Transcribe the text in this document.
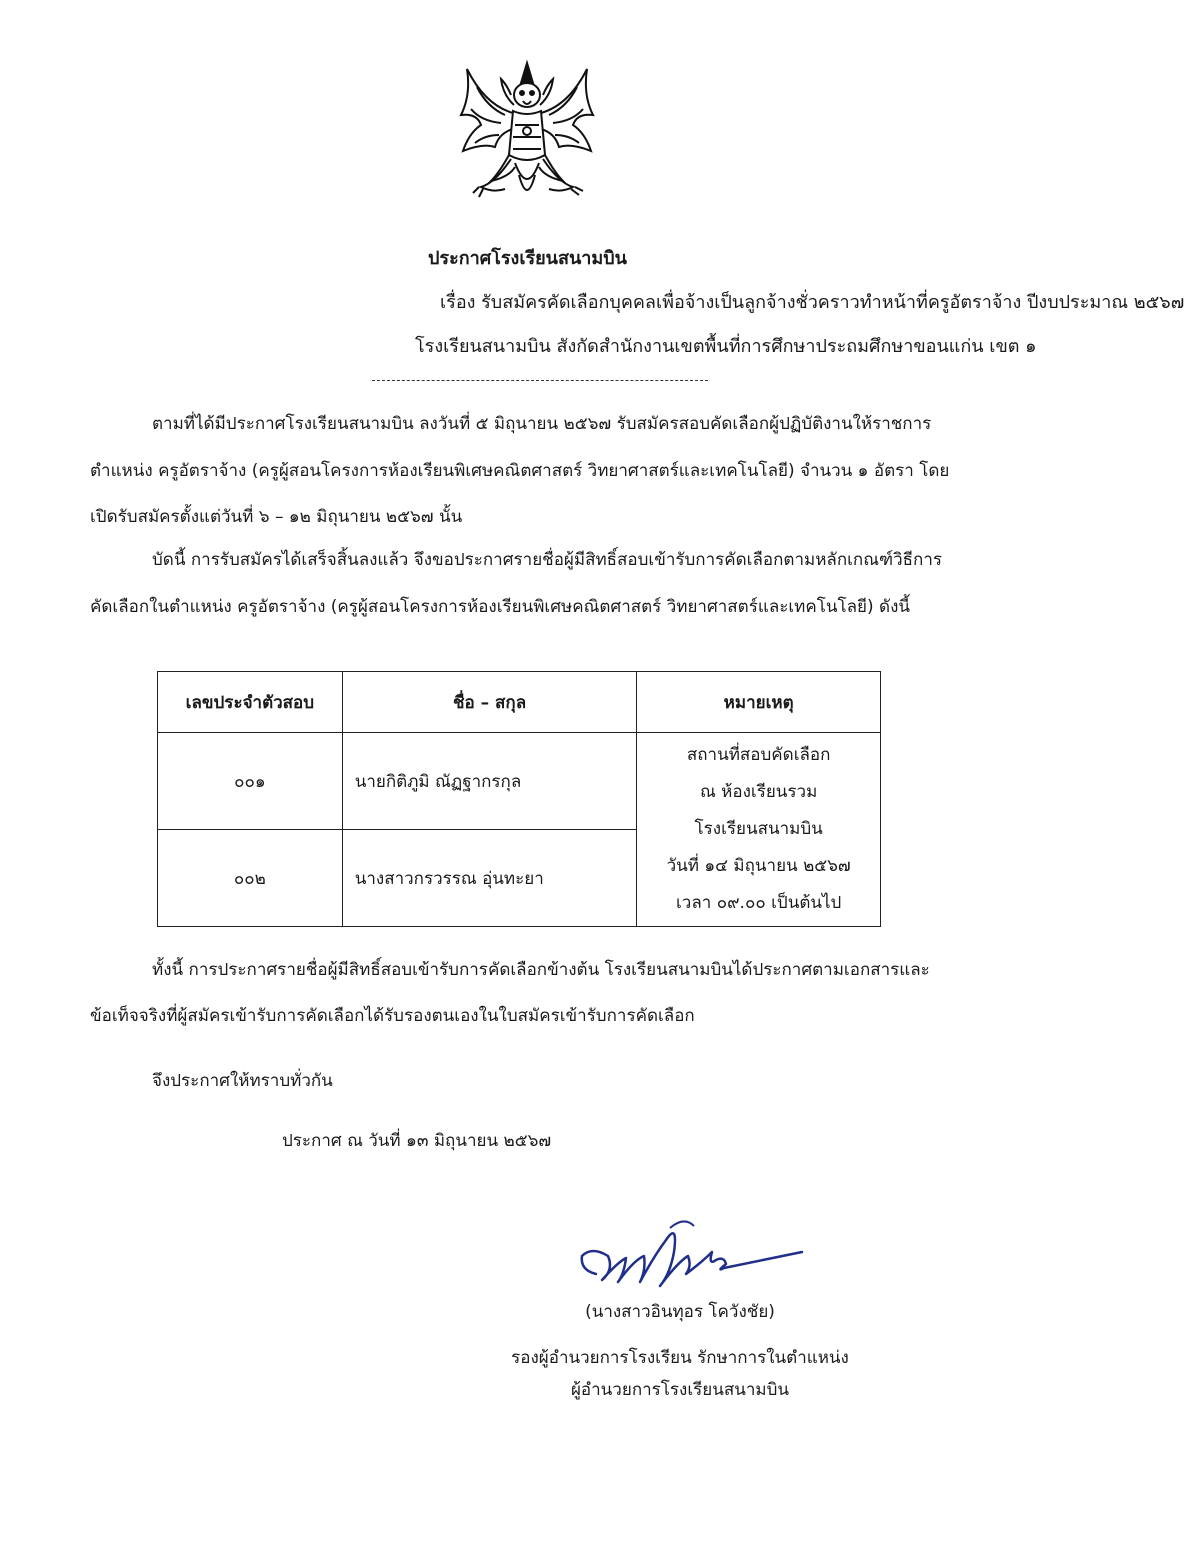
ประกาศโรงเรียนสนามบิน
เรื่อง รับสมัครคัดเลือกบุคคลเพื่อจ้างเป็นลูกจ้างชั่วคราวทำหน้าที่ครูอัตราจ้าง ปีงบประมาณ ๒๕๖๗
โรงเรียนสนามบิน สังกัดสำนักงานเขตพื้นที่การศึกษาประถมศึกษาขอนแก่น เขต ๑
ตามที่ได้มีประกาศโรงเรียนสนามบิน ลงวันที่ ๕ มิถุนายน ๒๕๖๗ รับสมัครสอบคัดเลือกผู้ปฏิบัติงานให้ราชการ
ตำแหน่ง ครูอัตราจ้าง (ครูผู้สอนโครงการห้องเรียนพิเศษคณิตศาสตร์ วิทยาศาสตร์และเทคโนโลยี) จำนวน ๑ อัตรา โดย
เปิดรับสมัครตั้งแต่วันที่ ๖ – ๑๒ มิถุนายน ๒๕๖๗ นั้น
บัดนี้ การรับสมัครได้เสร็จสิ้นลงแล้ว จึงขอประกาศรายชื่อผู้มีสิทธิ์สอบเข้ารับการคัดเลือกตามหลักเกณฑ์วิธีการ
คัดเลือกในตำแหน่ง ครูอัตราจ้าง (ครูผู้สอนโครงการห้องเรียนพิเศษคณิตศาสตร์ วิทยาศาสตร์และเทคโนโลยี) ดังนี้
เลขประจำตัวสอบ	ชื่อ – สกุล	หมายเหตุ
๐๐๑	นายกิติภูมิ ณัฏฐากรกุล	สถานที่สอบคัดเลือก
ณ ห้องเรียนรวม
โรงเรียนสนามบิน
วันที่ ๑๔ มิถุนายน ๒๕๖๗
เวลา ๐๙.๐๐ เป็นต้นไป

๐๐๒	นางสาวกรวรรณ อุ่นทะยา	
ทั้งนี้ การประกาศรายชื่อผู้มีสิทธิ์สอบเข้ารับการคัดเลือกข้างต้น โรงเรียนสนามบินได้ประกาศตามเอกสารและ
ข้อเท็จจริงที่ผู้สมัครเข้ารับการคัดเลือกได้รับรองตนเองในใบสมัครเข้ารับการคัดเลือก
จึงประกาศให้ทราบทั่วกัน
ประกาศ ณ วันที่ ๑๓ มิถุนายน ๒๕๖๗
(นางสาวอินทุอร โควังชัย)
รองผู้อำนวยการโรงเรียน รักษาการในตำแหน่ง
ผู้อำนวยการโรงเรียนสนามบิน
